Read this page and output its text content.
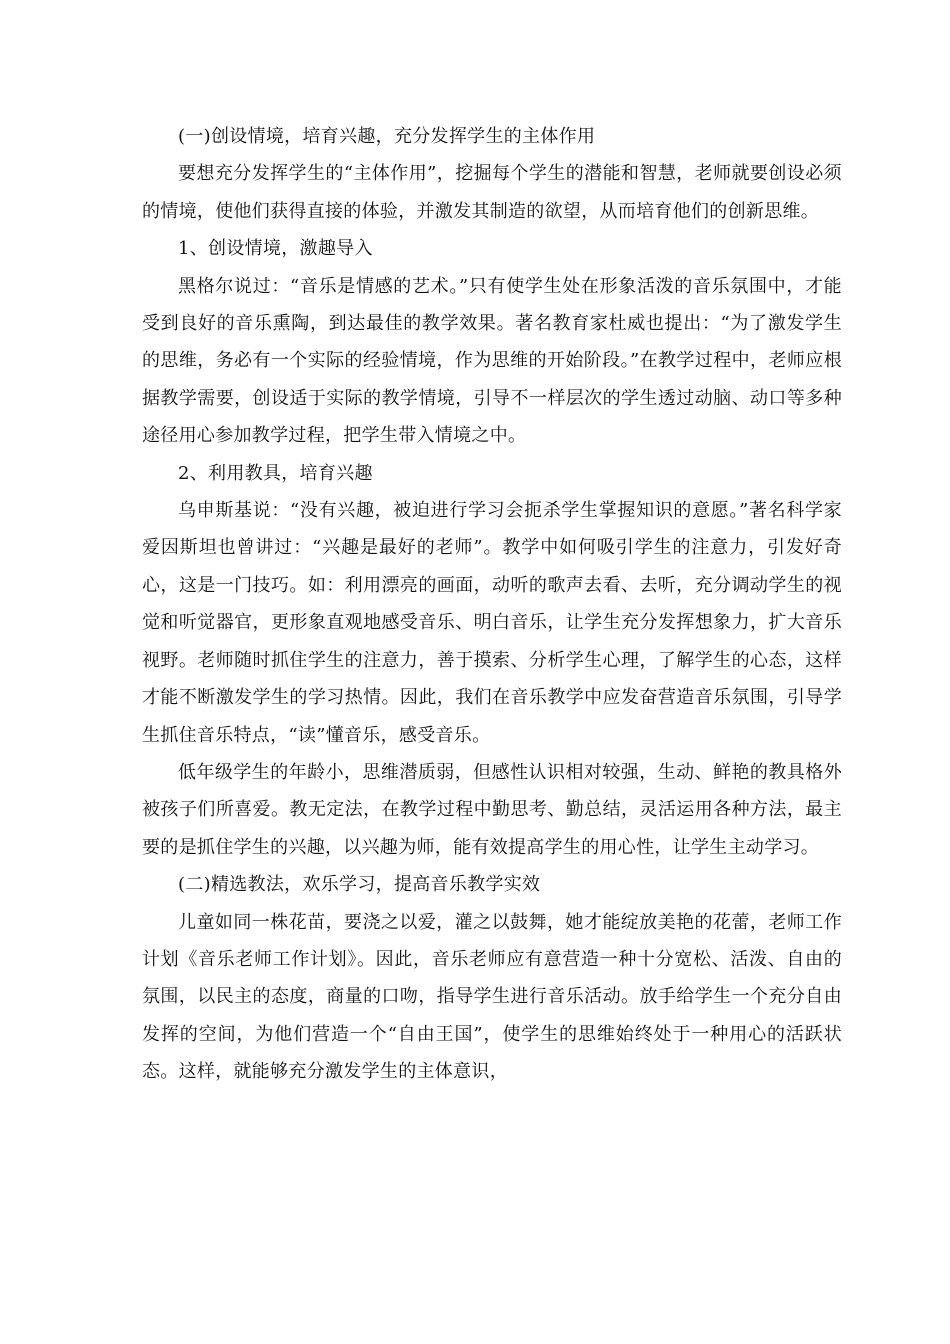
(一)创设情境，培育兴趣，充分发挥学生的主体作用

要想充分发挥学生的“主体作用”，挖掘每个学生的潜能和智慧，老师就要创设必须的情境，使他们获得直接的体验，并激发其制造的欲望，从而培育他们的创新思维。

1、创设情境，激趣导入

黑格尔说过：“音乐是情感的艺术。”只有使学生处在形象活泼的音乐氛围中，才能受到良好的音乐熏陶，到达最佳的教学效果。著名教育家杜威也提出：“为了激发学生的思维，务必有一个实际的经验情境，作为思维的开始阶段。”在教学过程中，老师应根据教学需要，创设适于实际的教学情境，引导不一样层次的学生透过动脑、动口等多种途径用心参加教学过程，把学生带入情境之中。

2、利用教具，培育兴趣

乌申斯基说：“没有兴趣，被迫进行学习会扼杀学生掌握知识的意愿。”著名科学家爱因斯坦也曾讲过：“兴趣是最好的老师”。教学中如何吸引学生的注意力，引发好奇心，这是一门技巧。如：利用漂亮的画面，动听的歌声去看、去听，充分调动学生的视觉和听觉器官，更形象直观地感受音乐、明白音乐，让学生充分发挥想象力，扩大音乐视野。老师随时抓住学生的注意力，善于摸索、分析学生心理，了解学生的心态，这样才能不断激发学生的学习热情。因此，我们在音乐教学中应发奋营造音乐氛围，引导学生抓住音乐特点，“读”懂音乐，感受音乐。

低年级学生的年龄小，思维潜质弱，但感性认识相对较强，生动、鲜艳的教具格外被孩子们所喜爱。教无定法，在教学过程中勤思考、勤总结，灵活运用各种方法，最主要的是抓住学生的兴趣，以兴趣为师，能有效提高学生的用心性，让学生主动学习。

(二)精选教法，欢乐学习，提高音乐教学实效

儿童如同一株花苗，要浇之以爱，灌之以鼓舞，她才能绽放美艳的花蕾，老师工作计划《音乐老师工作计划》。因此，音乐老师应有意营造一种十分宽松、活泼、自由的氛围，以民主的态度，商量的口吻，指导学生进行音乐活动。放手给学生一个充分自由发挥的空间，为他们营造一个“自由王国”，使学生的思维始终处于一种用心的活跃状态。这样，就能够充分激发学生的主体意识，
